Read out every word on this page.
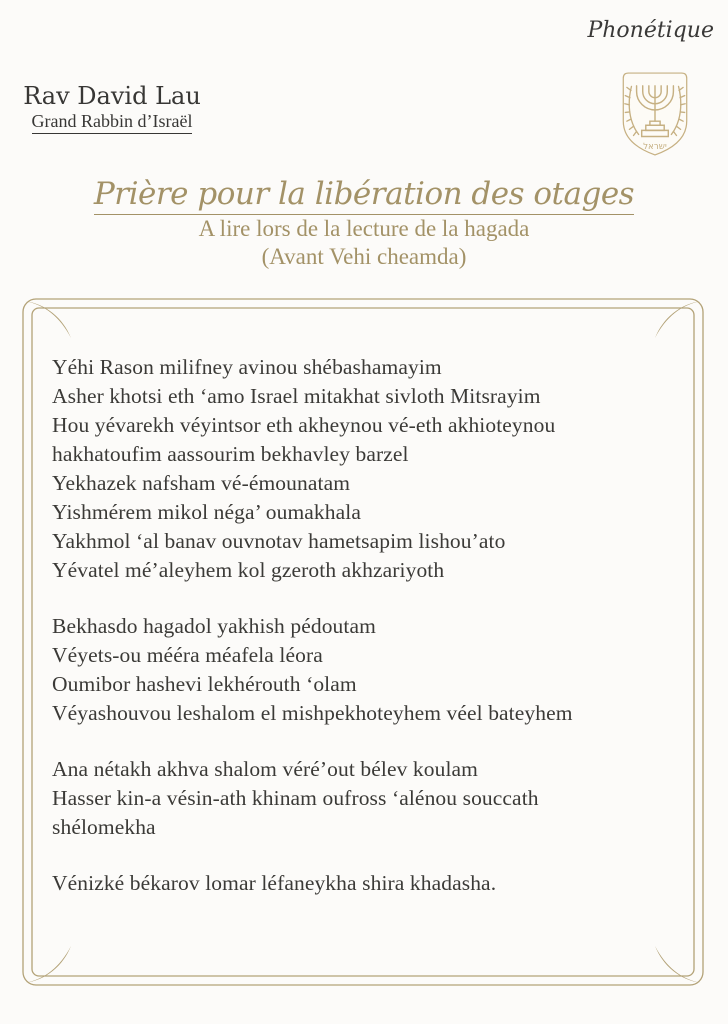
Phonétique
Rav David Lau
Grand Rabbin d’Israël
ישראל
Prière pour la libération des otages
A lire lors de la lecture de la hagada
(Avant Vehi cheamda)

Yéhi Rason milifney avinou shébashamayim

Asher khotsi eth ‘amo Israel mitakhat sivloth Mitsrayim

Hou yévarekh véyintsor eth akheynou vé-eth akhioteynou

hakhatoufim aassourim bekhavley barzel

Yekhazek nafsham vé-émounatam

Yishmérem mikol néga’ oumakhala

Yakhmol ‘al banav ouvnotav hametsapim lishou’ato

Yévatel mé’aleyhem kol gzeroth akhzariyoth

Bekhasdo hagadol yakhish pédoutam

Véyets-ou mééra méafela léora

Oumibor hashevi lekhérouth ‘olam

Véyashouvou leshalom el mishpekhoteyhem véel bateyhem

Ana nétakh akhva shalom véré’out bélev koulam

Hasser kin-a vésin-ath khinam oufross ‘alénou souccath

shélomekha

Vénizké békarov lomar léfaneykha shira khadasha.
